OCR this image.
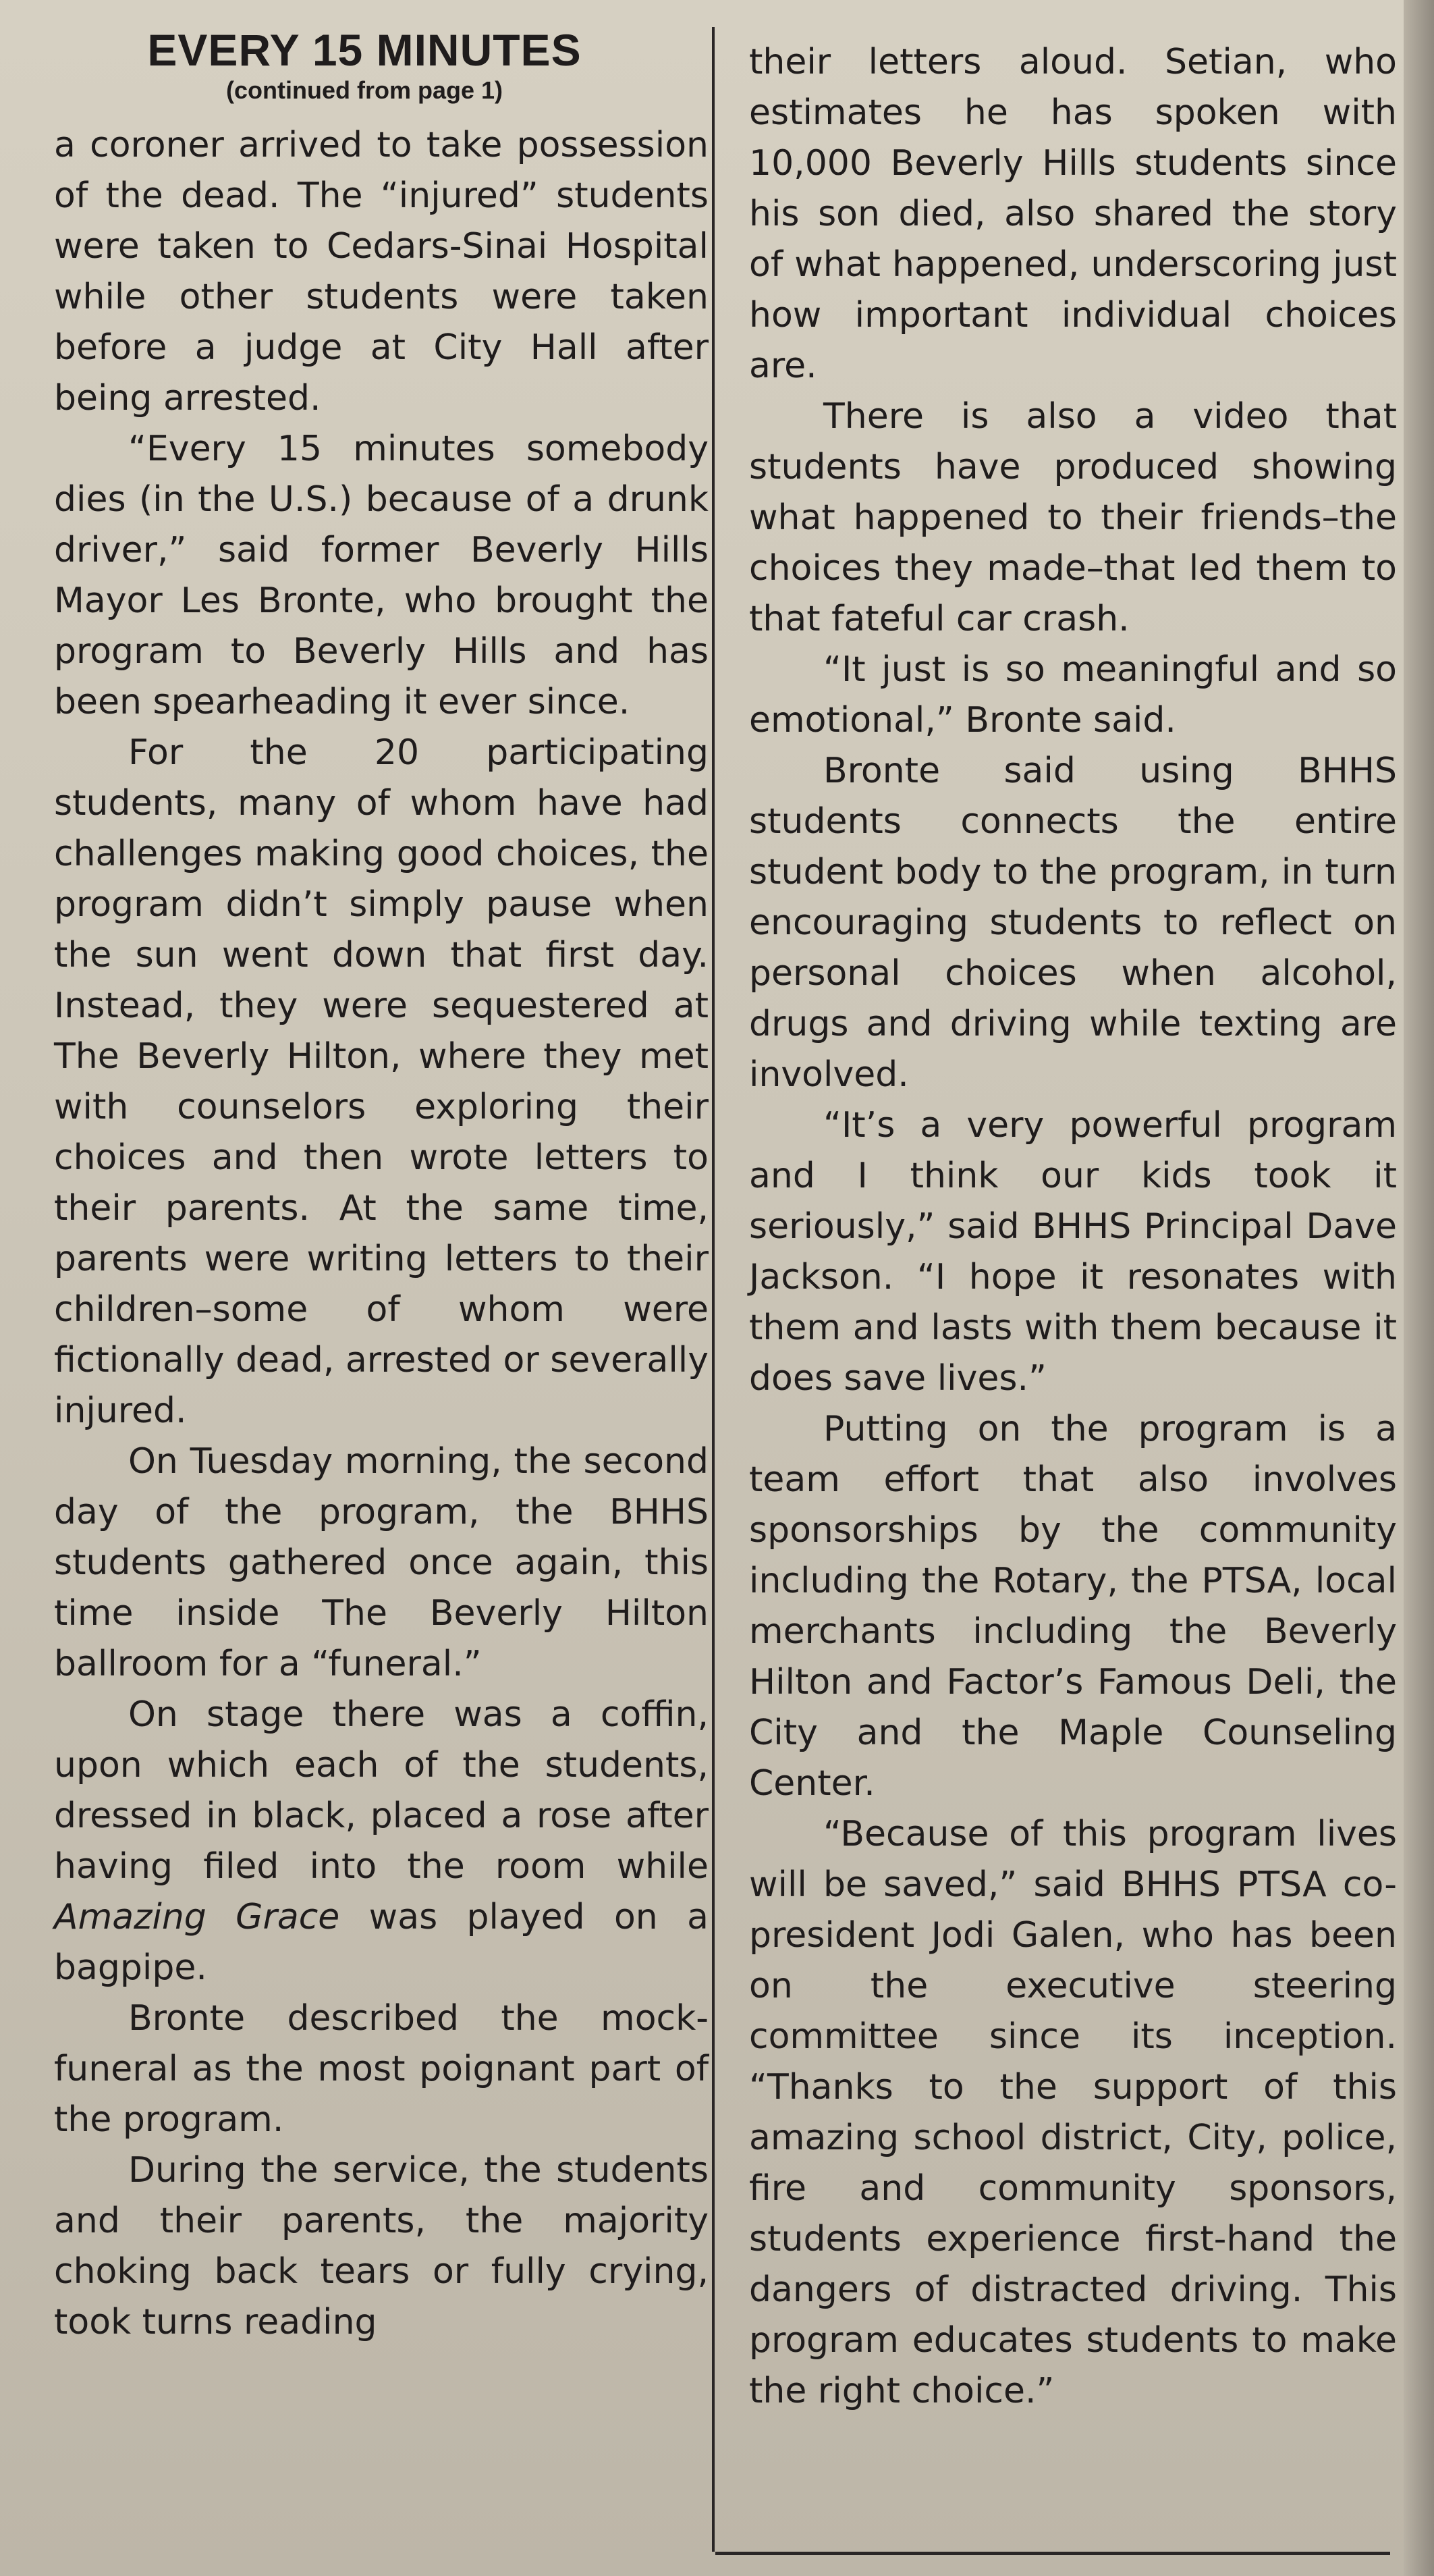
EVERY 15 MINUTES
(continued from page 1)

a coroner arrived to take possession of the dead. The “injured” students were taken to Cedars-Sinai Hospital while other students were taken before a judge at City Hall after being arrested.

“Every 15 minutes somebody dies (in the U.S.) because of a drunk driver,” said former Beverly Hills Mayor Les Bronte, who brought the program to Beverly Hills and has been spearheading it ever since.

For the 20 participating students, many of whom have had challenges making good choices, the program didn’t simply pause when the sun went down that first day. Instead, they were sequestered at The Beverly Hilton, where they met with counselors exploring their choices and then wrote letters to their parents. At the same time, parents were writing letters to their children–some of whom were fictionally dead, arrested or severally injured.

On Tuesday morning, the second day of the program, the BHHS students gathered once again, this time inside The Beverly Hilton ballroom for a “funeral.”

On stage there was a coffin, upon which each of the students, dressed in black, placed a rose after having filed into the room while Amazing Grace was played on a bagpipe.

Bronte described the mock-funeral as the most poignant part of the program.

During the service, the students and their parents, the majority choking back tears or fully crying, took turns reading

their letters aloud. Setian, who estimates he has spoken with 10,000 Beverly Hills students since his son died, also shared the story of what happened, underscoring just how important individual choices are.

There is also a video that students have produced showing what happened to their friends–the choices they made–that led them to that fateful car crash.

“It just is so meaningful and so emotional,” Bronte said.

Bronte said using BHHS students connects the entire student body to the program, in turn encouraging students to reflect on personal choices when alcohol, drugs and driving while texting are involved.

“It’s a very powerful program and I think our kids took it seriously,” said BHHS Principal Dave Jackson. “I hope it resonates with them and lasts with them because it does save lives.”

Putting on the program is a team effort that also involves sponsorships by the community including the Rotary, the PTSA, local merchants including the Beverly Hilton and Factor’s Famous Deli, the City and the Maple Counseling Center.

“Because of this program lives will be saved,” said BHHS PTSA co-president Jodi Galen, who has been on the executive steering committee since its inception. “Thanks to the support of this amazing school district, City, police, fire and community sponsors, students experience first-hand the dangers of distracted driving. This program educates students to make the right choice.”
